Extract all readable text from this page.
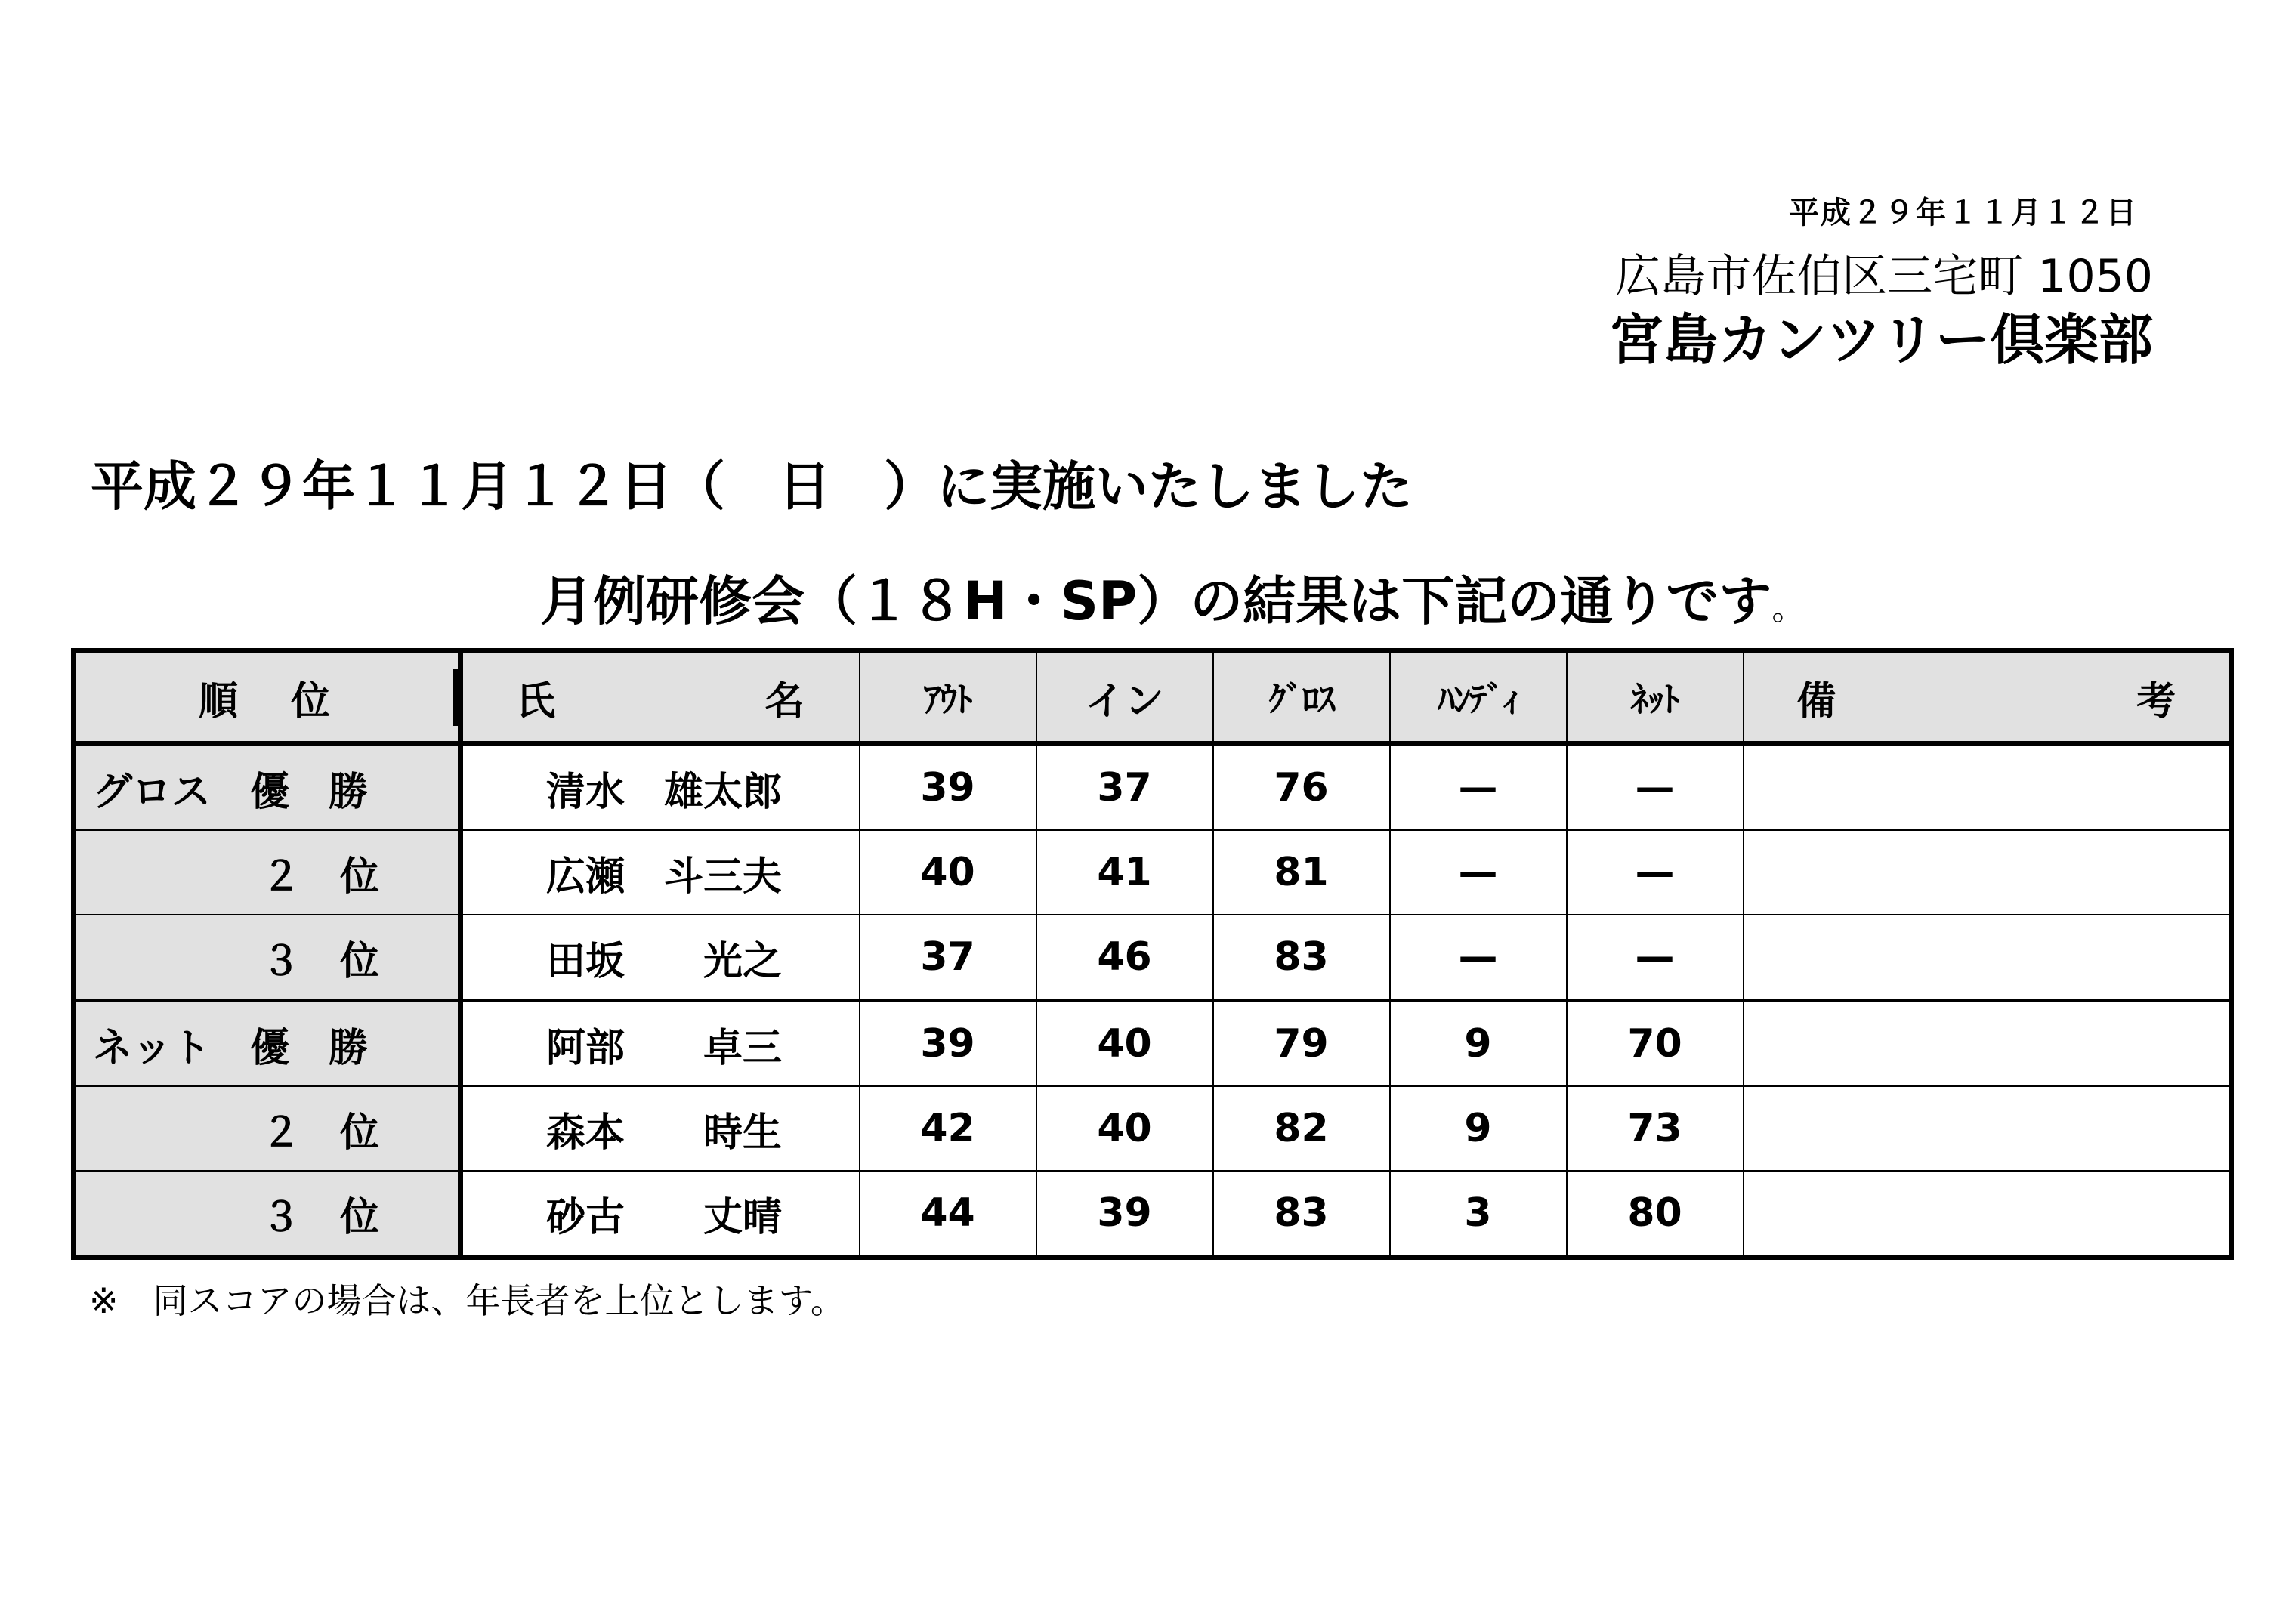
平成２９年１１月１２日
広島市佐伯区三宅町 1050
宮島カンツリー倶楽部
平成２９年１１月１２日（　日　）に実施いたしました
月例研修会（１８H・SP）の結果は下記の通りです。
順 位	氏 名	ｱｳﾄ	イン	ｸﾞﾛｽ	ﾊﾝﾃﾞｨ	ﾈｯﾄ	備 考

グロス　優　勝	清水　雄太郎	39	37	76	—	—	
２　位	広瀬　斗三夫	40	41	81	—	—	
３　位	田坂　　光之	37	46	83	—	—	
ネット　優　勝	阿部　　卓三	39	40	79	9	70	
２　位	森本　　時生	42	40	82	9	73	
３　位	砂古　　丈晴	44	39	83	3	80	
※　同スコアの場合は、年長者を上位とします。
